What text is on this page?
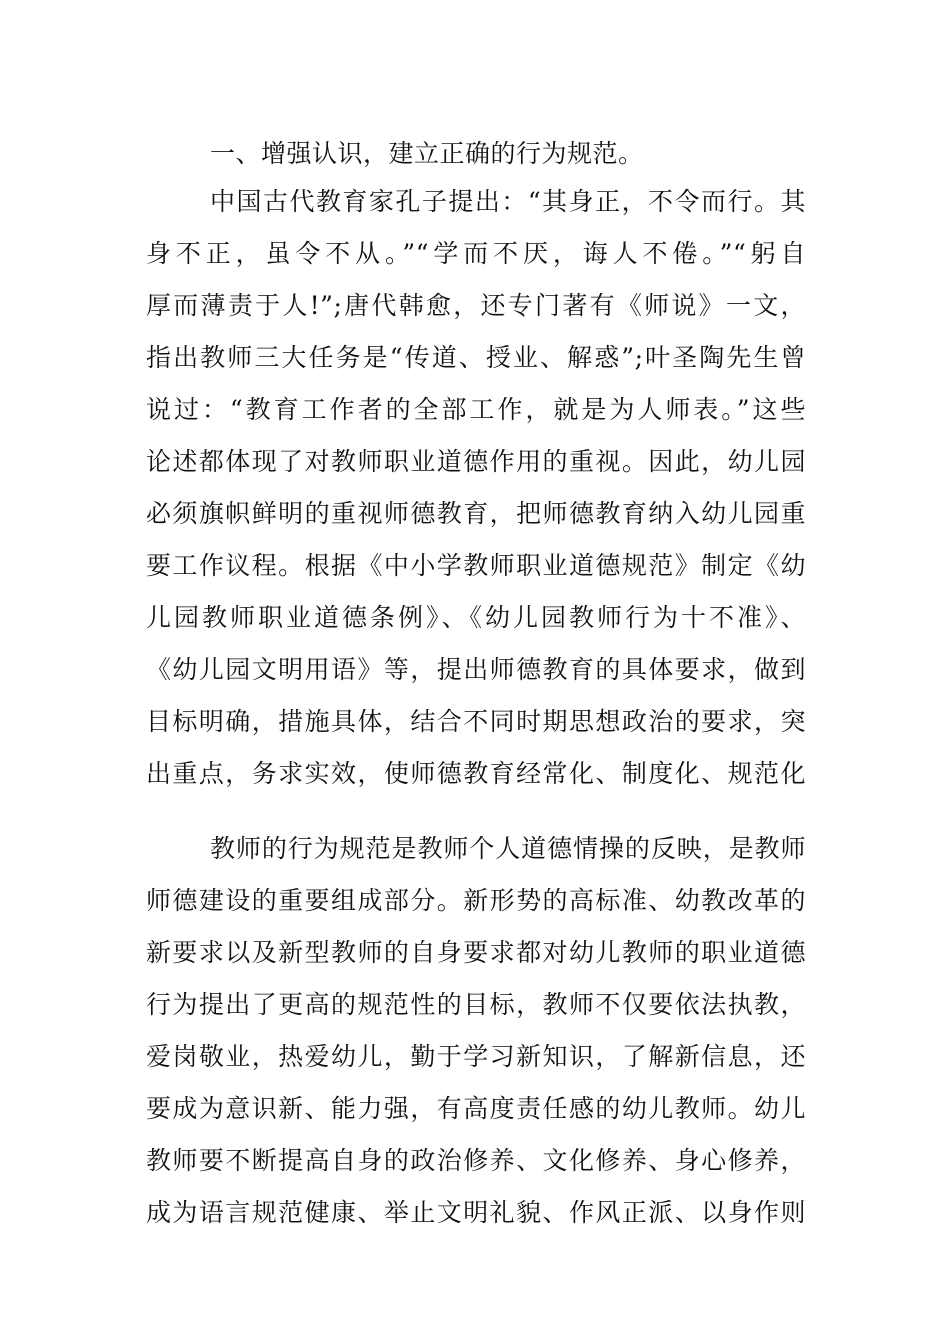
一、增强认识，建立正确的行为规范。
中国古代教育家孔子提出：“其身正，不令而行。其
身不正，虽令不从。”“学而不厌，诲人不倦。”“躬自
厚而薄责于人!”;唐代韩愈，还专门著有《师说》一文，
指出教师三大任务是“传道、授业、解惑”;叶圣陶先生曾
说过：“教育工作者的全部工作，就是为人师表。”这些
论述都体现了对教师职业道德作用的重视。因此，幼儿园
必须旗帜鲜明的重视师德教育，把师德教育纳入幼儿园重
要工作议程。根据《中小学教师职业道德规范》制定《幼
儿园教师职业道德条例》、《幼儿园教师行为十不准》、
《幼儿园文明用语》等，提出师德教育的具体要求，做到
目标明确，措施具体，结合不同时期思想政治的要求，突
出重点，务求实效，使师德教育经常化、制度化、规范化
教师的行为规范是教师个人道德情操的反映，是教师
师德建设的重要组成部分。新形势的高标准、幼教改革的
新要求以及新型教师的自身要求都对幼儿教师的职业道德
行为提出了更高的规范性的目标，教师不仅要依法执教，
爱岗敬业，热爱幼儿，勤于学习新知识，了解新信息，还
要成为意识新、能力强，有高度责任感的幼儿教师。幼儿
教师要不断提高自身的政治修养、文化修养、身心修养，
成为语言规范健康、举止文明礼貌、作风正派、以身作则
